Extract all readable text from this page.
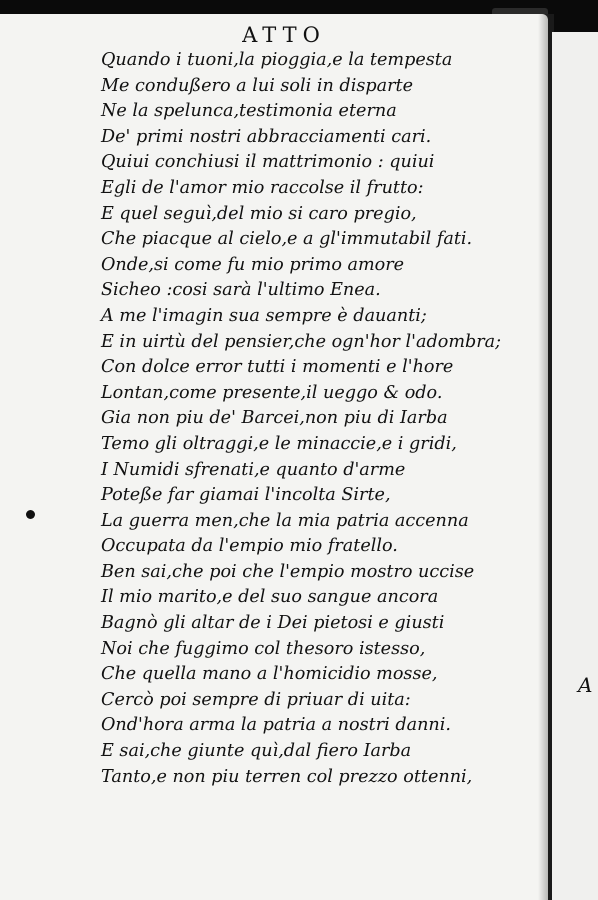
ATTO
Quando i tuoni,la pioggia,e la tempesta
Me condußero a lui soli in disparte
Ne la spelunca,testimonia eterna
De' primi nostri abbracciamenti cari.
Quiui conchiusi il mattrimonio : quiui
Egli de l'amor mio raccolse il frutto:
E quel seguì,del mio si caro pregio,
Che piacque al cielo,e a gl'immutabil fati.
Onde,si come fu mio primo amore
Sicheo :cosi sarà l'ultimo Enea.
A me l'imagin sua sempre è dauanti;
E in uirtù del pensier,che ogn'hor l'adombra;
Con dolce error tutti i momenti e l'hore
Lontan,come presente,il ueggo & odo.
Gia non piu de' Barcei,non piu di Iarba
Temo gli oltraggi,e le minaccie,e i gridi,
I Numidi sfrenati,e quanto d'arme
Poteße far giamai l'incolta Sirte,
La guerra men,che la mia patria accenna
Occupata da l'empio mio fratello.
Ben sai,che poi che l'empio mostro uccise
Il mio marito,e del suo sangue ancora
Bagnò gli altar de i Dei pietosi e giusti
Noi che fuggimo col thesoro istesso,
Che quella mano a l'homicidio mosse,
Cercò poi sempre di priuar di uita:
Ond'hora arma la patria a nostri danni.
E sai,che giunte quì,dal fiero Iarba
Tanto,e non piu terren col prezzo ottenni,
A
